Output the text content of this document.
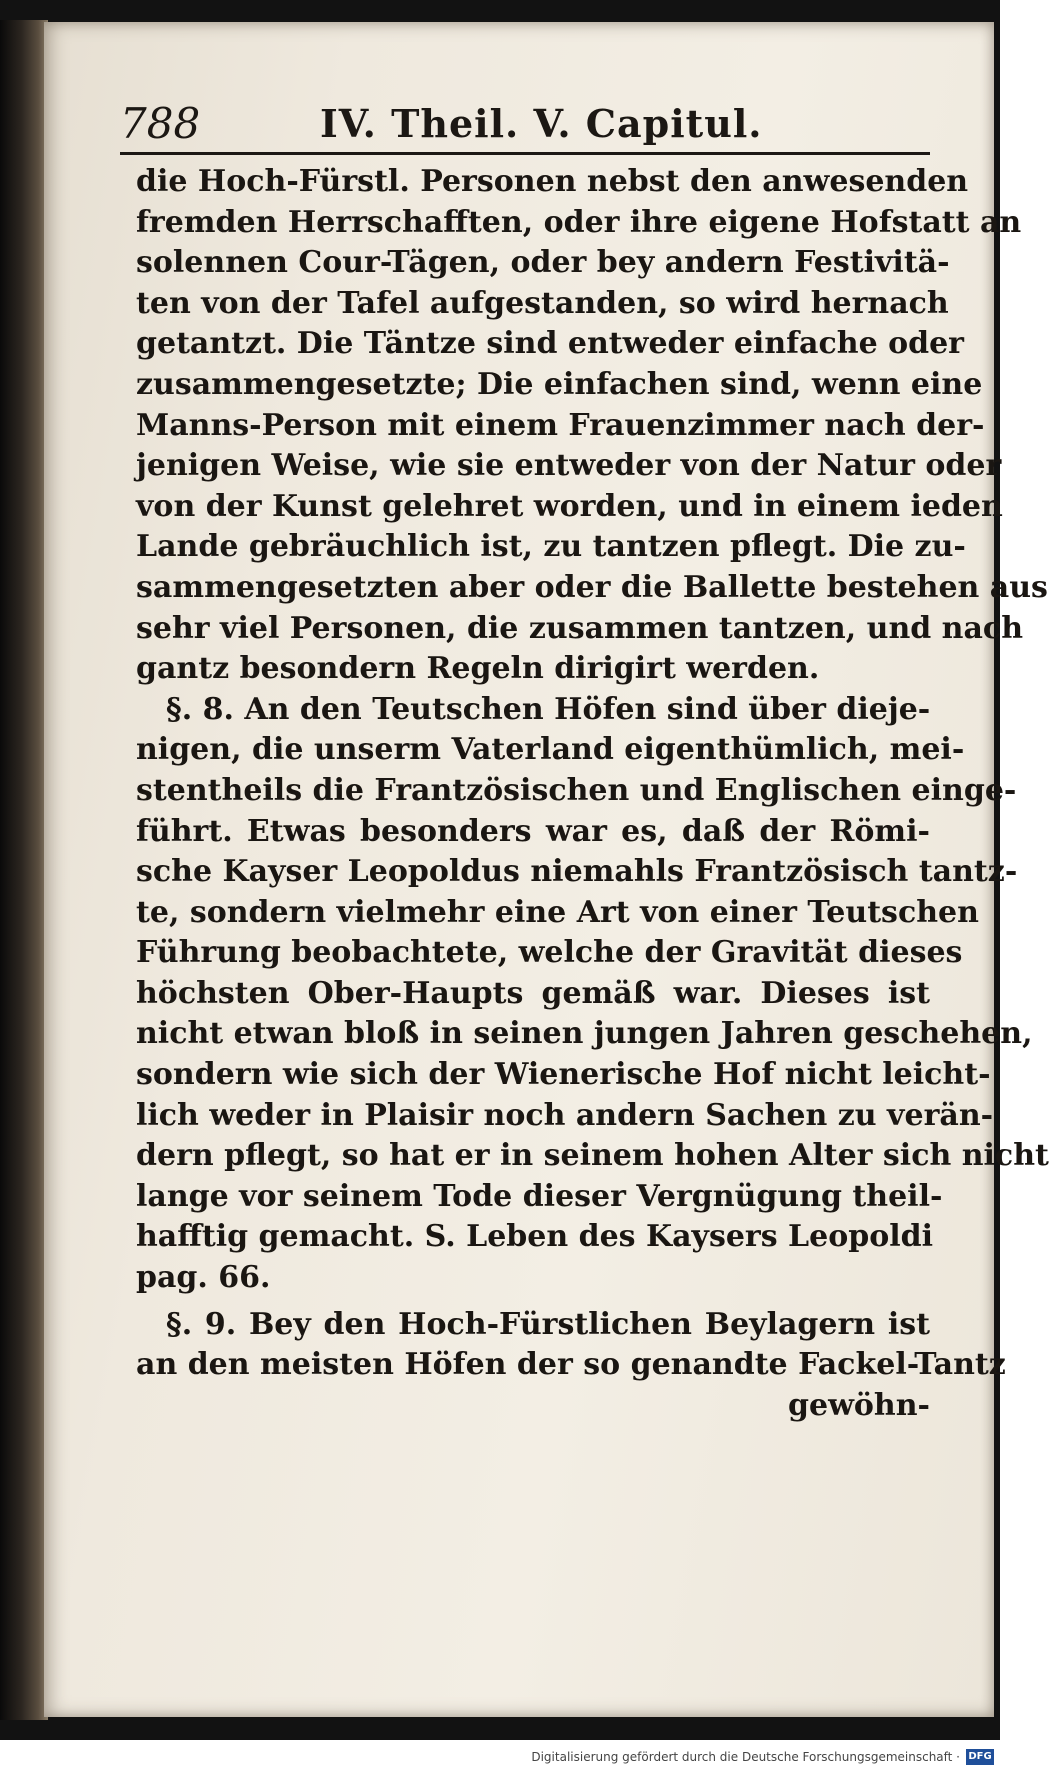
788	IV. Theil. V. Capitul.
die Hoch-Fürstl. Personen nebst den anwesenden
fremden Herrschafften, oder ihre eigene Hofstatt an
solennen Cour-Tägen, oder bey andern Festivitä-
ten von der Tafel aufgestanden, so wird hernach
getantzt. Die Täntze sind entweder einfache oder
zusammengesetzte; Die einfachen sind, wenn eine
Manns-Person mit einem Frauenzimmer nach der-
jenigen Weise, wie sie entweder von der Natur oder
von der Kunst gelehret worden, und in einem ieden
Lande gebräuchlich ist, zu tantzen pflegt. Die zu-
sammengesetzten aber oder die Ballette bestehen aus
sehr viel Personen, die zusammen tantzen, und nach
gantz besondern Regeln dirigirt werden.
§. 8. An den Teutschen Höfen sind über dieje-
nigen, die unserm Vaterland eigenthümlich, mei-
stentheils die Frantzösischen und Englischen einge-
führt. Etwas besonders war es, daß der Römi-
sche Kayser Leopoldus niemahls Frantzösisch tantz-
te, sondern vielmehr eine Art von einer Teutschen
Führung beobachtete, welche der Gravität dieses
höchsten Ober-Haupts gemäß war. Dieses ist
nicht etwan bloß in seinen jungen Jahren geschehen,
sondern wie sich der Wienerische Hof nicht leicht-
lich weder in Plaisir noch andern Sachen zu verän-
dern pflegt, so hat er in seinem hohen Alter sich nicht
lange vor seinem Tode dieser Vergnügung theil-
hafftig gemacht. S. Leben des Kaysers Leopoldi
pag. 66.
§. 9. Bey den Hoch-Fürstlichen Beylagern ist
an den meisten Höfen der so genandte Fackel-Tantz
gewöhn-
Digitalisierung gefördert durch die Deutsche Forschungsgemeinschaft · DFG
